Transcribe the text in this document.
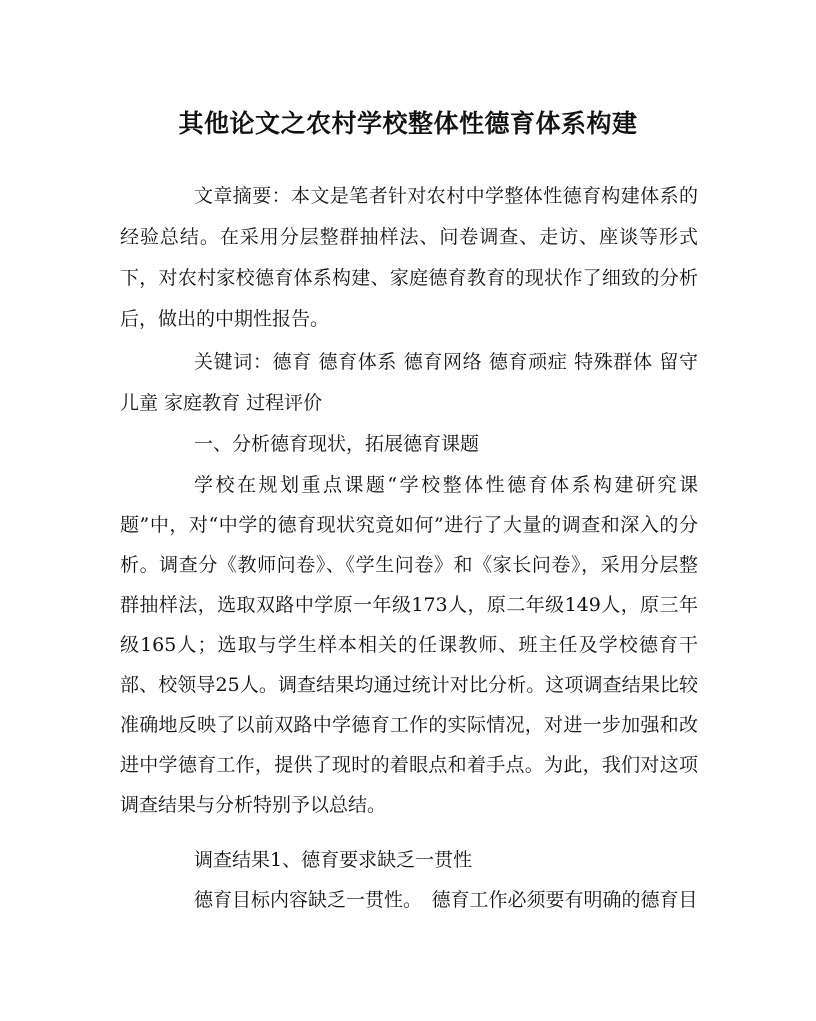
其他论文之农村学校整体性德育体系构建

文章摘要：本文是笔者针对农村中学整体性德育构建体系的经验总结。在采用分层整群抽样法、问卷调查、走访、座谈等形式下，对农村家校德育体系构建、家庭德育教育的现状作了细致的分析后，做出的中期性报告。

关键词：德育 德育体系 德育网络 德育顽症 特殊群体 留守儿童 家庭教育 过程评价

一、分析德育现状，拓展德育课题

学校在规划重点课题“学校整体性德育体系构建研究课题”中，对“中学的德育现状究竟如何”进行了大量的调查和深入的分析。调查分《教师问卷》、《学生问卷》和《家长问卷》，采用分层整群抽样法，选取双路中学原一年级173人，原二年级149人，原三年级165人；选取与学生样本相关的任课教师、班主任及学校德育干部、校领导25人。调查结果均通过统计对比分析。这项调查结果比较准确地反映了以前双路中学德育工作的实际情况，对进一步加强和改进中学德育工作，提供了现时的着眼点和着手点。为此，我们对这项调查结果与分析特别予以总结。

调查结果1、德育要求缺乏一贯性

德育目标内容缺乏一贯性。　德育工作必须要有明确的德育目
